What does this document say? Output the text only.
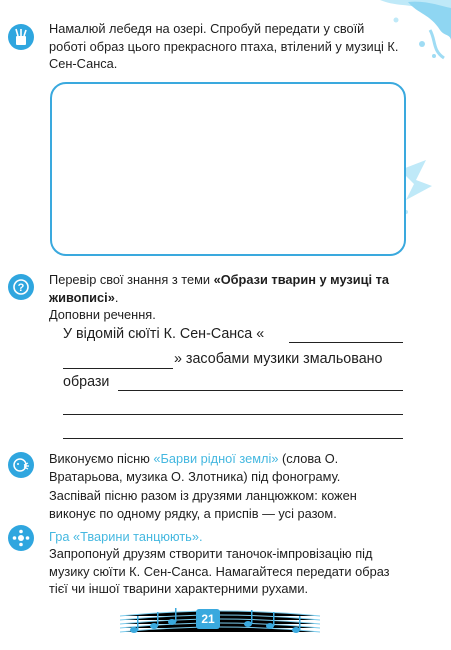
Намалюй лебедя на озері. Спробуй передати у своїй роботі образ цього прекрасного птаха, втілений у музиці К. Сен-Санса.
?
Перевір свої знання з теми «Образи тварин у музиці та живописі».
Доповни речення.
У відомій сюїті К. Сен-Санса «
» засобами музики змальовано
образи
Виконуємо пісню «Барви рідної землі» (слова О. Вратарьова, музика О. Злотника) під фонограму.
Заспівай пісню разом із друзями ланцюжком: кожен виконує по одному рядку, а приспів — усі разом.
Гра «Тварини танцюють».
Запропонуй друзям створити таночок-імпровізацію під музику сюїти К. Сен-Санса. Намагайтеся передати образ тієї чи іншої тварини характерними рухами.
21
